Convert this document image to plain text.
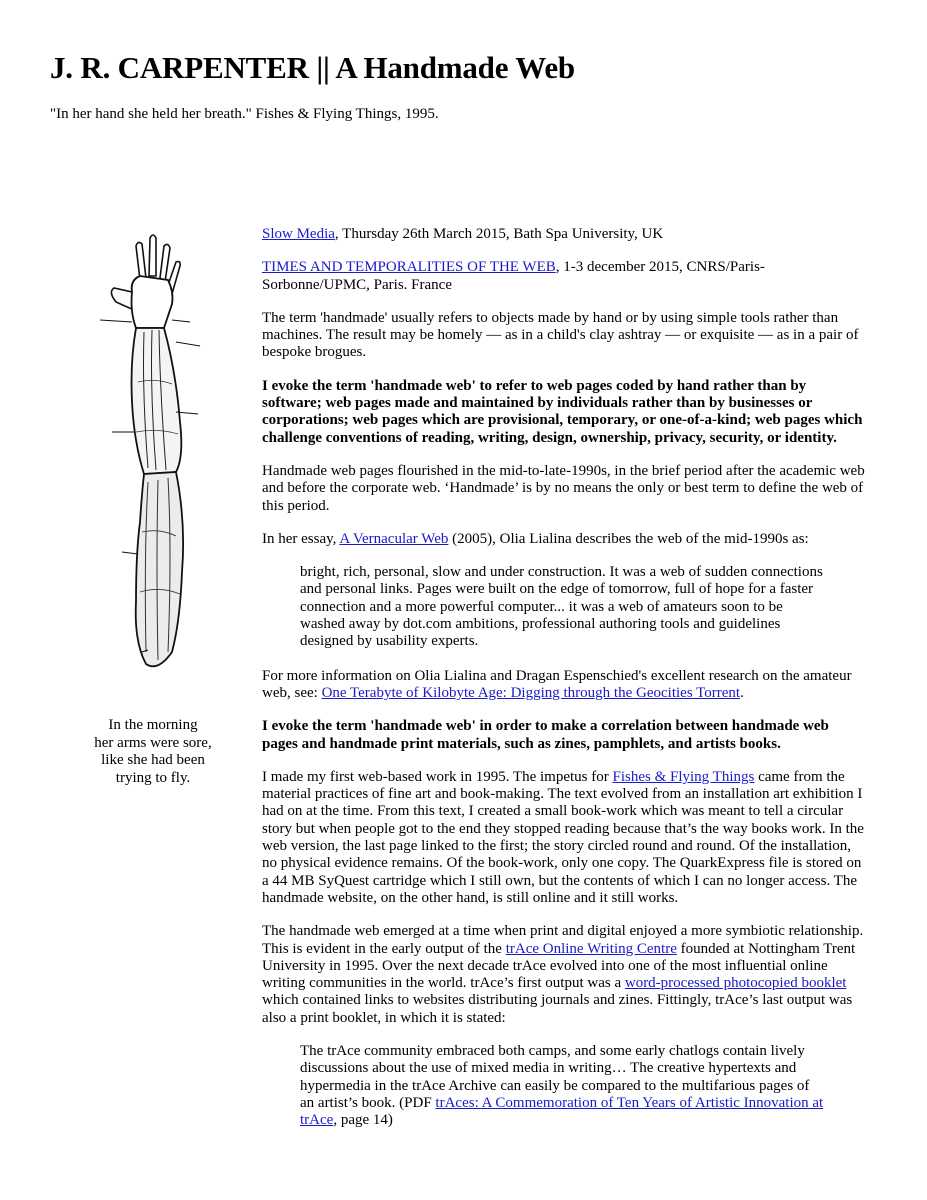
J. R. CARPENTER || A Handmade Web

"In her hand she held her breath." Fishes & Flying Things, 1995.

In the morning
her arms were sore,
like she had been
trying to fly.

Slow Media, Thursday 26th March 2015, Bath Spa University, UK

TIMES AND TEMPORALITIES OF THE WEB, 1-3 december 2015, CNRS/Paris-Sorbonne/UPMC, Paris. France

The term 'handmade' usually refers to objects made by hand or by using simple tools rather than machines. The result may be homely — as in a child's clay ashtray — or exquisite — as in a pair of bespoke brogues.

I evoke the term 'handmade web' to refer to web pages coded by hand rather than by software; web pages made and maintained by individuals rather than by businesses or corporations; web pages which are provisional, temporary, or one-of-a-kind; web pages which challenge conventions of reading, writing, design, ownership, privacy, security, or identity.

Handmade web pages flourished in the mid-to-late-1990s, in the brief period after the academic web and before the corporate web. ‘Handmade’ is by no means the only or best term to define the web of this period.

In her essay, A Vernacular Web (2005), Olia Lialina describes the web of the mid-1990s as:

bright, rich, personal, slow and under construction. It was a web of sudden connections and personal links. Pages were built on the edge of tomorrow, full of hope for a faster connection and a more powerful computer... it was a web of amateurs soon to be washed away by dot.com ambitions, professional authoring tools and guidelines designed by usability experts.

For more information on Olia Lialina and Dragan Espenschied's excellent research on the amateur web, see: One Terabyte of Kilobyte Age: Digging through the Geocities Torrent.

I evoke the term 'handmade web' in order to make a correlation between handmade web pages and handmade print materials, such as zines, pamphlets, and artists books.

I made my first web-based work in 1995. The impetus for Fishes & Flying Things came from the material practices of fine art and book-making. The text evolved from an installation art exhibition I had on at the time. From this text, I created a small book-work which was meant to tell a circular story but when people got to the end they stopped reading because that’s the way books work. In the web version, the last page linked to the first; the story circled round and round. Of the installation, no physical evidence remains. Of the book-work, only one copy. The QuarkExpress file is stored on a 44 MB SyQuest cartridge which I still own, but the contents of which I can no longer access. The handmade website, on the other hand, is still online and it still works.

The handmade web emerged at a time when print and digital enjoyed a more symbiotic relationship. This is evident in the early output of the trAce Online Writing Centre founded at Nottingham Trent University in 1995. Over the next decade trAce evolved into one of the most influential online writing communities in the world. trAce’s first output was a word-processed photocopied booklet which contained links to websites distributing journals and zines. Fittingly, trAce’s last output was also a print booklet, in which it is stated:

The trAce community embraced both camps, and some early chatlogs contain lively discussions about the use of mixed media in writing… The creative hypertexts and hypermedia in the trAce Archive can easily be compared to the multifarious pages of an artist’s book. (PDF trAces: A Commemoration of Ten Years of Artistic Innovation at trAce, page 14)
